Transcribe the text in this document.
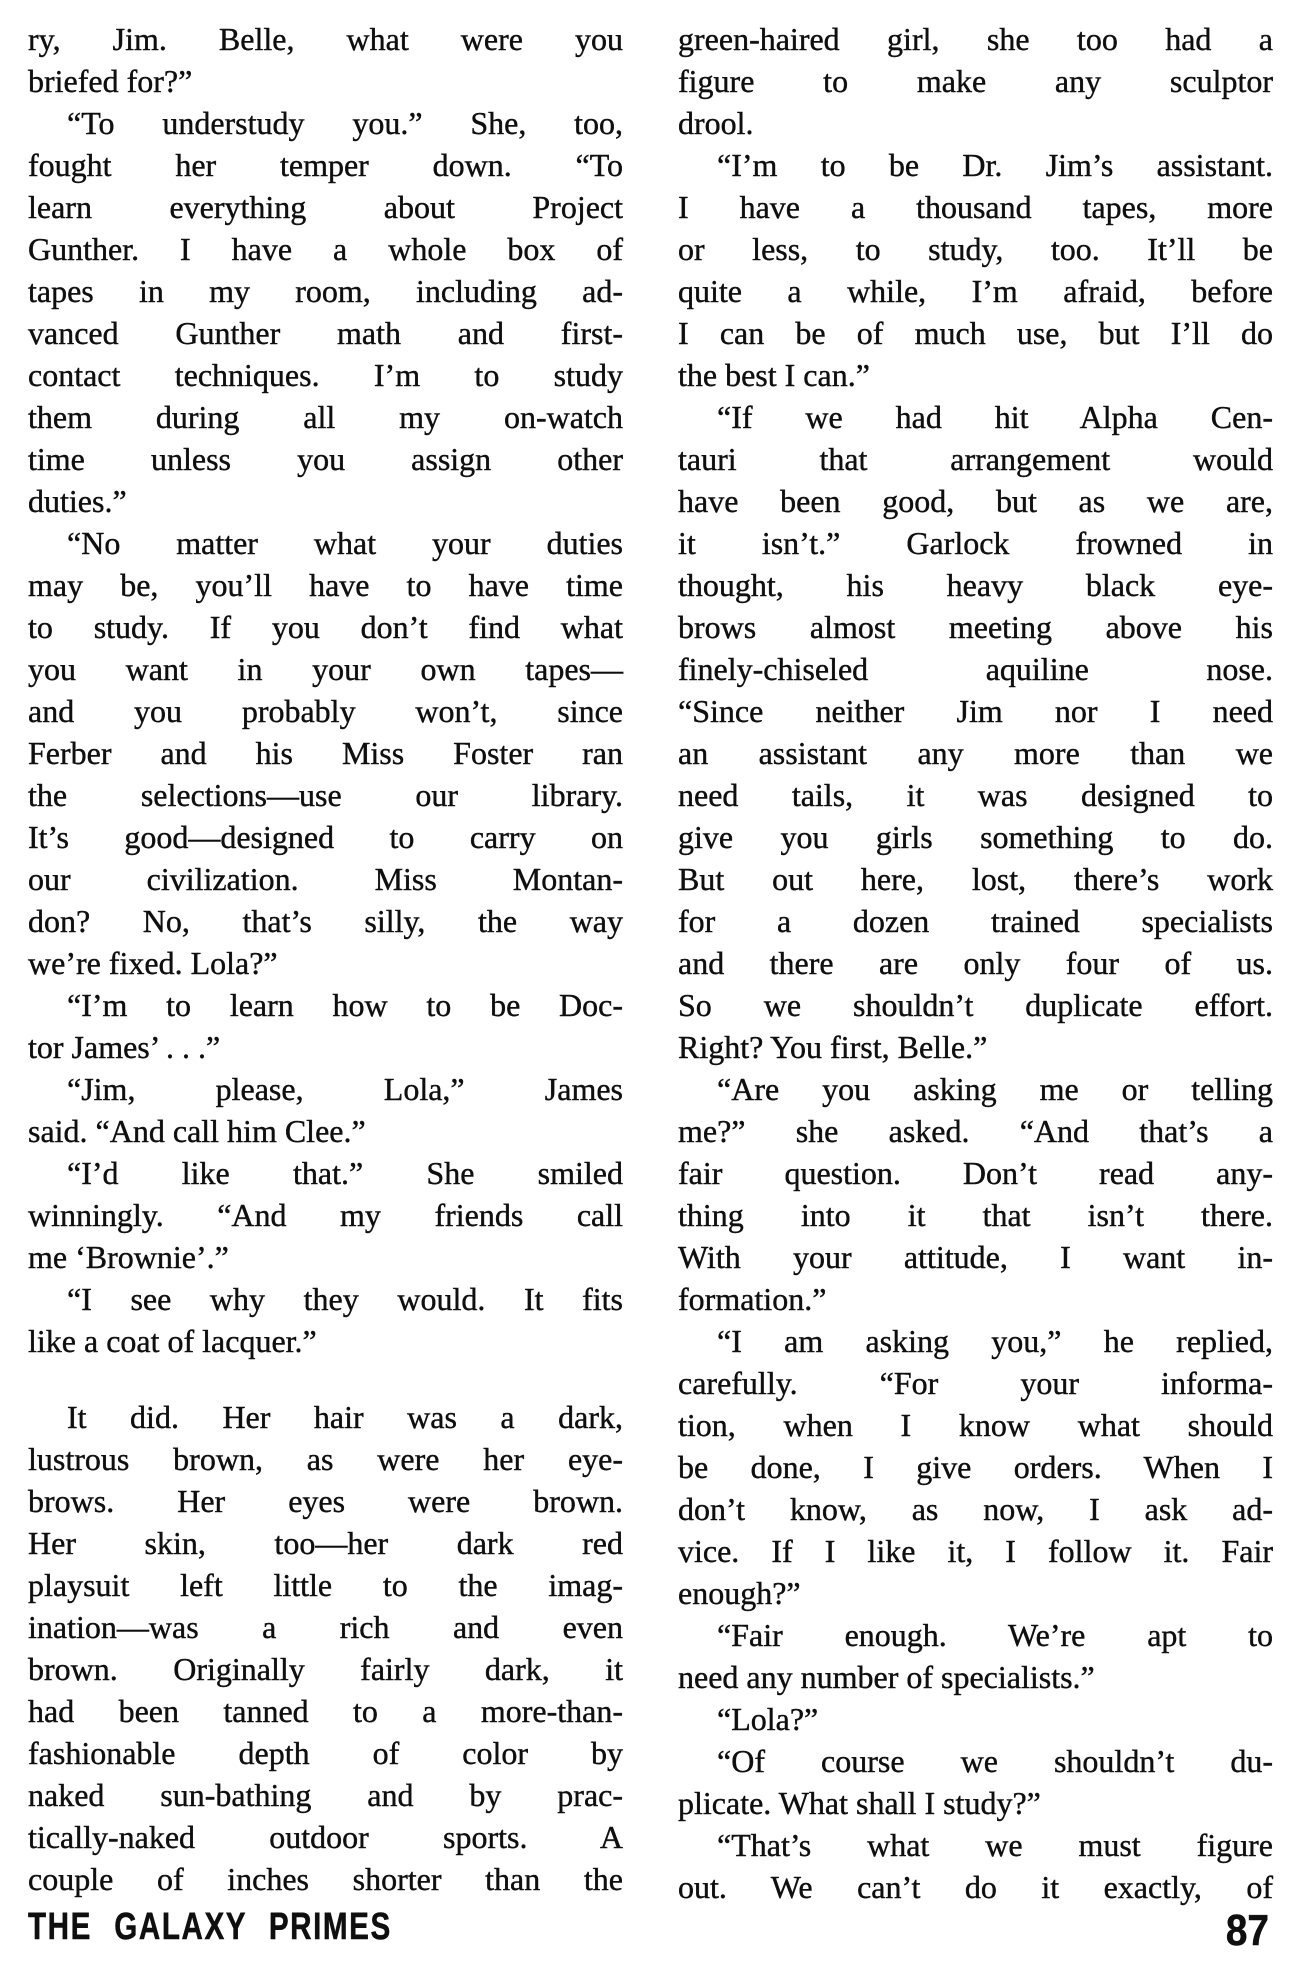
ry, Jim. Belle, what were you
briefed for?”
“To understudy you.” She, too,
fought her temper down. “To
learn everything about Project
Gunther. I have a whole box of
tapes in my room, including ad-
vanced Gunther math and first-
contact techniques. I’m to study
them during all my on-watch
time unless you assign other
duties.”
“No matter what your duties
may be, you’ll have to have time
to study. If you don’t find what
you want in your own tapes—
and you probably won’t, since
Ferber and his Miss Foster ran
the selections—use our library.
It’s good—designed to carry on
our civilization. Miss Montan-
don? No, that’s silly, the way
we’re fixed. Lola?”
“I’m to learn how to be Doc-
tor James’ . . .”
“Jim, please, Lola,” James
said. “And call him Clee.”
“I’d like that.” She smiled
winningly. “And my friends call
me ‘Brownie’.”
“I see why they would. It fits
like a coat of lacquer.”
It did. Her hair was a dark,
lustrous brown, as were her eye-
brows. Her eyes were brown.
Her skin, too—her dark red
playsuit left little to the imag-
ination—was a rich and even
brown. Originally fairly dark, it
had been tanned to a more-than-
fashionable depth of color by
naked sun-bathing and by prac-
tically-naked outdoor sports. A
couple of inches shorter than the
green-haired girl, she too had a
figure to make any sculptor
drool.
“I’m to be Dr. Jim’s assistant.
I have a thousand tapes, more
or less, to study, too. It’ll be
quite a while, I’m afraid, before
I can be of much use, but I’ll do
the best I can.”
“If we had hit Alpha Cen-
tauri that arrangement would
have been good, but as we are,
it isn’t.” Garlock frowned in
thought, his heavy black eye-
brows almost meeting above his
finely-chiseled aquiline nose.
“Since neither Jim nor I need
an assistant any more than we
need tails, it was designed to
give you girls something to do.
But out here, lost, there’s work
for a dozen trained specialists
and there are only four of us.
So we shouldn’t duplicate effort.
Right? You first, Belle.”
“Are you asking me or telling
me?” she asked. “And that’s a
fair question. Don’t read any-
thing into it that isn’t there.
With your attitude, I want in-
formation.”
“I am asking you,” he replied,
carefully. “For your informa-
tion, when I know what should
be done, I give orders. When I
don’t know, as now, I ask ad-
vice. If I like it, I follow it. Fair
enough?”
“Fair enough. We’re apt to
need any number of specialists.”
“Lola?”
“Of course we shouldn’t du-
plicate. What shall I study?”
“That’s what we must figure
out. We can’t do it exactly, of
THE GALAXY PRIMES	87
